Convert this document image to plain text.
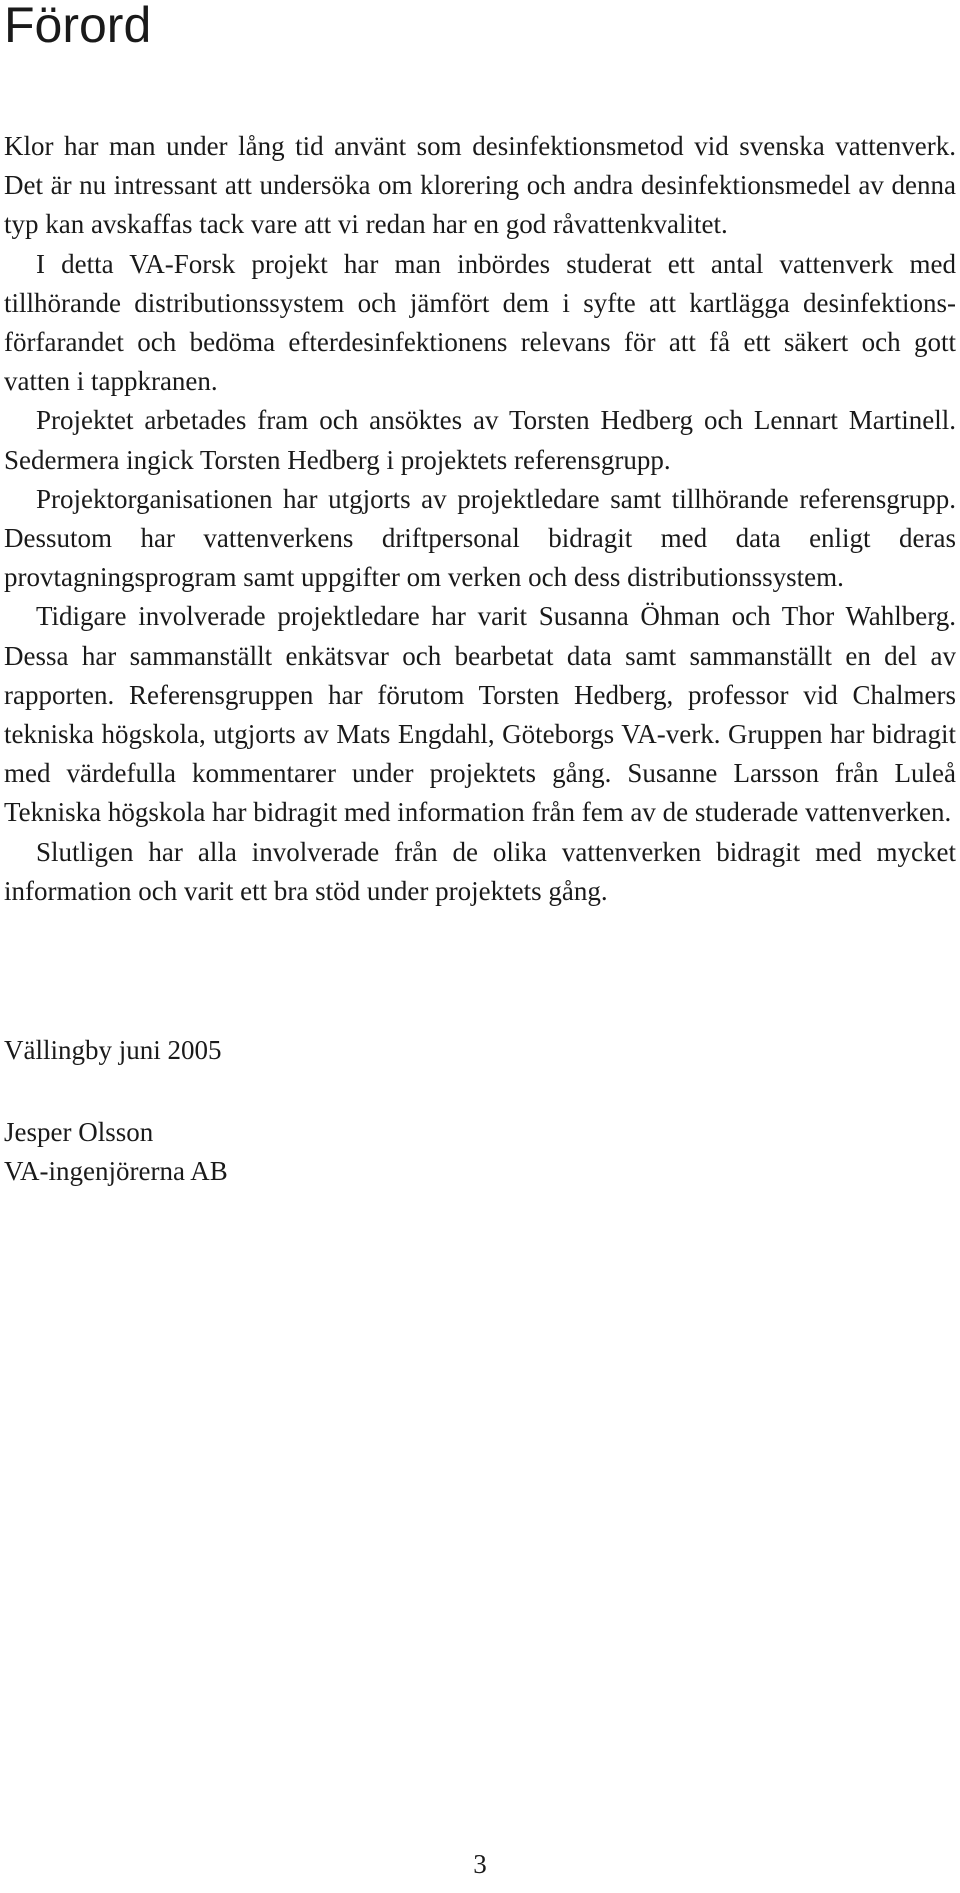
Förord

Klor har man under lång tid använt som desinfektionsmetod vid svenska vattenverk. Det är nu intressant att undersöka om klorering och andra desinfektionsmedel av denna typ kan avskaffas tack vare att vi redan har en god råvattenkvalitet.

I detta VA-Forsk projekt har man inbördes studerat ett antal vattenverk med tillhörande distributionssystem och jämfört dem i syfte att kartlägga desinfektionsförfarandet och bedöma efterdesinfektionens relevans för att få ett säkert och gott vatten i tappkranen.

Projektet arbetades fram och ansöktes av Torsten Hedberg och Lennart Martinell. Sedermera ingick Torsten Hedberg i projektets referensgrupp.

Projektorganisationen har utgjorts av projektledare samt tillhörande referensgrupp. Dessutom har vattenverkens driftpersonal bidragit med data enligt deras provtagningsprogram samt uppgifter om verken och dess distributionssystem.

Tidigare involverade projektledare har varit Susanna Öhman och Thor Wahlberg. Dessa har sammanställt enkätsvar och bearbetat data samt sammanställt en del av rapporten. Referensgruppen har förutom Torsten Hedberg, professor vid Chalmers tekniska högskola, utgjorts av Mats Engdahl, Göteborgs VA-verk. Gruppen har bidragit med värdefulla kommentarer under projektets gång. Susanne Larsson från Luleå Tekniska högskola har bidragit med information från fem av de studerade vattenverken.

Slutligen har alla involverade från de olika vattenverken bidragit med mycket information och varit ett bra stöd under projektets gång.

Vällingby juni 2005
Jesper Olsson
VA-ingenjörerna AB
3
